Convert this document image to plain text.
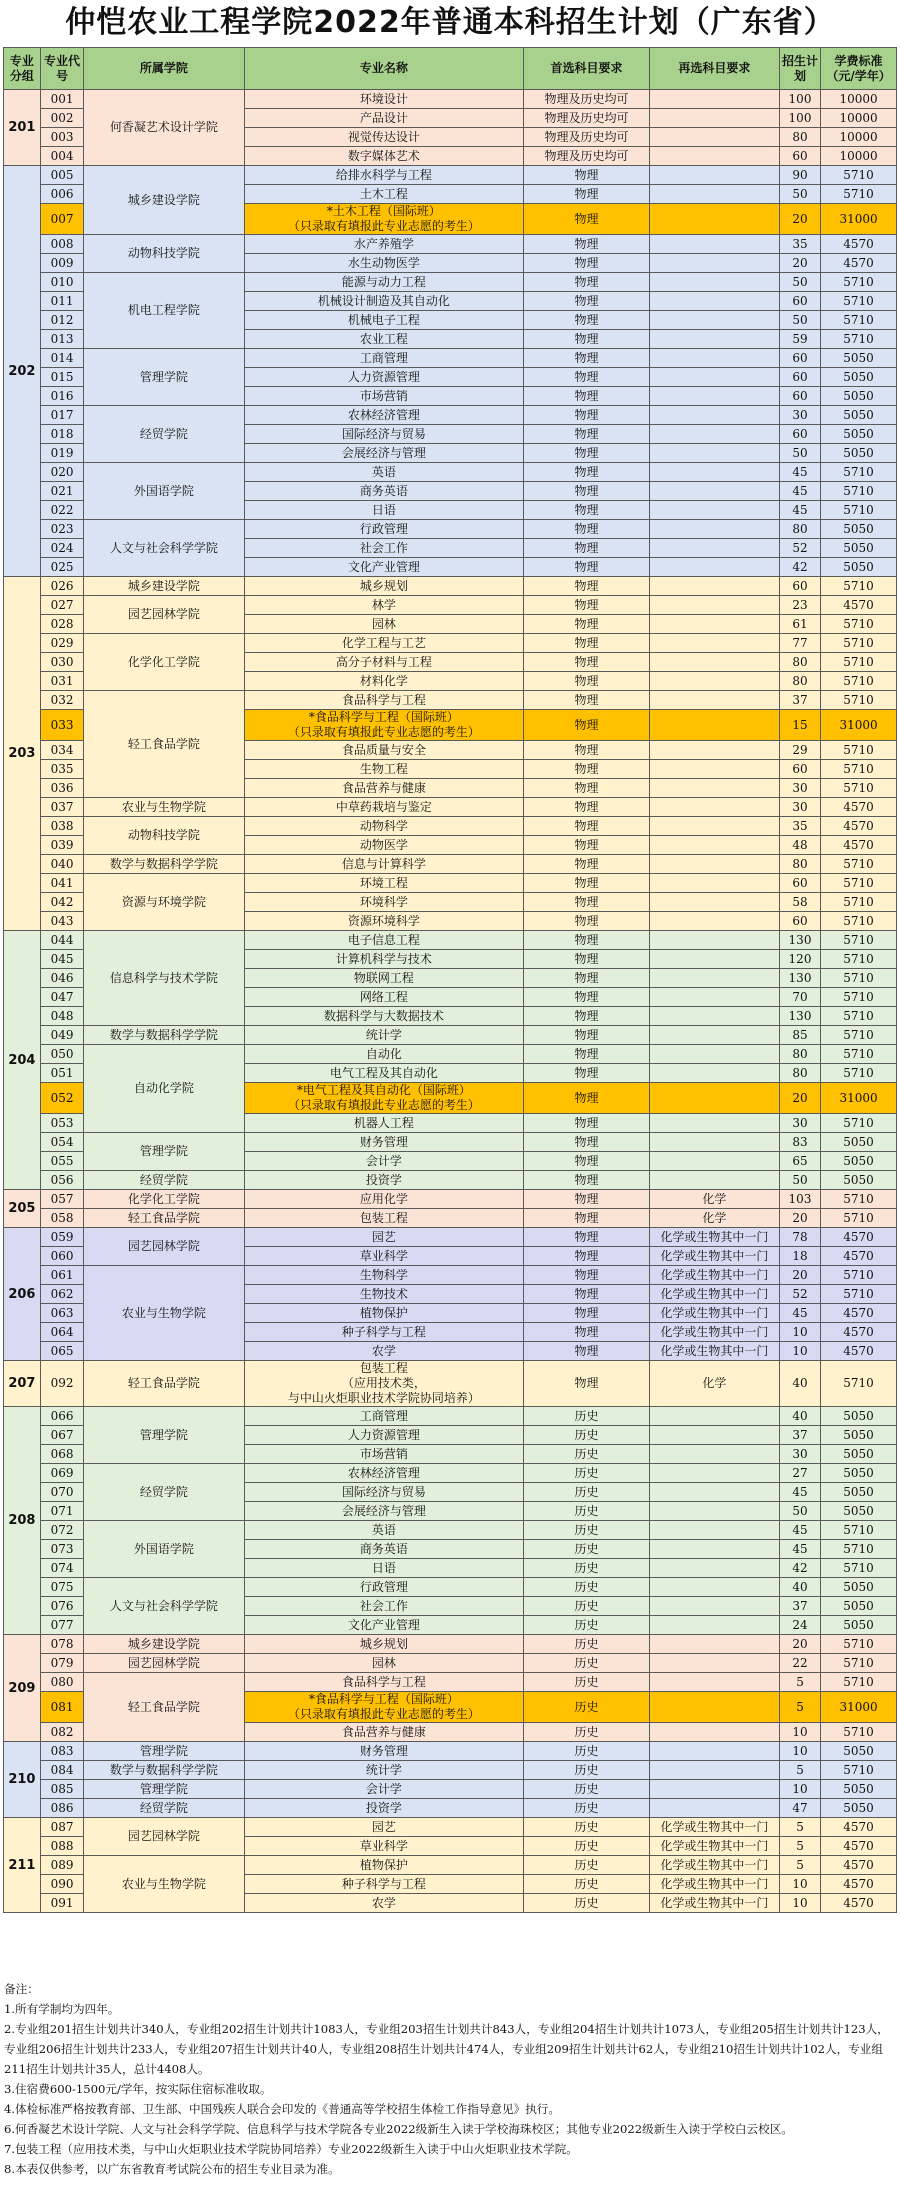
仲恺农业工程学院2022年普通本科招生计划（广东省）
专业分组	专业代号	所属学院	专业名称	首选科目要求	再选科目要求	招生计划	学费标准（元/学年）
201	001	何香凝艺术设计学院	环境设计	物理及历史均可		100	10000
	002		产品设计	物理及历史均可		100	10000
	003		视觉传达设计	物理及历史均可		80	10000
	004		数字媒体艺术	物理及历史均可		60	10000
202	005	城乡建设学院	给排水科学与工程	物理		90	5710
	006		土木工程	物理		50	5710
	007		*土木工程（国际班）
（只录取有填报此专业志愿的考生）	物理		20	31000
	008	动物科技学院	水产养殖学	物理		35	4570
	009		水生动物医学	物理		20	4570
	010	机电工程学院	能源与动力工程	物理		50	5710
	011		机械设计制造及其自动化	物理		60	5710
	012		机械电子工程	物理		50	5710
	013		农业工程	物理		59	5710
	014	管理学院	工商管理	物理		60	5050
	015		人力资源管理	物理		60	5050
	016		市场营销	物理		60	5050
	017	经贸学院	农林经济管理	物理		30	5050
	018		国际经济与贸易	物理		60	5050
	019		会展经济与管理	物理		50	5050
	020	外国语学院	英语	物理		45	5710
	021		商务英语	物理		45	5710
	022		日语	物理		45	5710
	023	人文与社会科学学院	行政管理	物理		80	5050
	024		社会工作	物理		52	5050
	025		文化产业管理	物理		42	5050
203	026	城乡建设学院	城乡规划	物理		60	5710
	027	园艺园林学院	林学	物理		23	4570
	028		园林	物理		61	5710
	029	化学化工学院	化学工程与工艺	物理		77	5710
	030		高分子材料与工程	物理		80	5710
	031		材料化学	物理		80	5710
	032	轻工食品学院	食品科学与工程	物理		37	5710
	033		*食品科学与工程（国际班）
（只录取有填报此专业志愿的考生）	物理		15	31000
	034		食品质量与安全	物理		29	5710
	035		生物工程	物理		60	5710
	036		食品营养与健康	物理		30	5710
	037	农业与生物学院	中草药栽培与鉴定	物理		30	4570
	038	动物科技学院	动物科学	物理		35	4570
	039		动物医学	物理		48	4570
	040	数学与数据科学学院	信息与计算科学	物理		80	5710
	041	资源与环境学院	环境工程	物理		60	5710
	042		环境科学	物理		58	5710
	043		资源环境科学	物理		60	5710
204	044	信息科学与技术学院	电子信息工程	物理		130	5710
	045		计算机科学与技术	物理		120	5710
	046		物联网工程	物理		130	5710
	047		网络工程	物理		70	5710
	048		数据科学与大数据技术	物理		130	5710
	049	数学与数据科学学院	统计学	物理		85	5710
	050	自动化学院	自动化	物理		80	5710
	051		电气工程及其自动化	物理		80	5710
	052		*电气工程及其自动化（国际班）
（只录取有填报此专业志愿的考生）	物理		20	31000
	053		机器人工程	物理		30	5710
	054	管理学院	财务管理	物理		83	5050
	055		会计学	物理		65	5050
	056	经贸学院	投资学	物理		50	5050
205	057	化学化工学院	应用化学	物理	化学	103	5710
	058	轻工食品学院	包装工程	物理	化学	20	5710
206	059	园艺园林学院	园艺	物理	化学或生物其中一门	78	4570
	060		草业科学	物理	化学或生物其中一门	18	4570
	061	农业与生物学院	生物科学	物理	化学或生物其中一门	20	5710
	062		生物技术	物理	化学或生物其中一门	52	5710
	063		植物保护	物理	化学或生物其中一门	45	4570
	064		种子科学与工程	物理	化学或生物其中一门	10	4570
	065		农学	物理	化学或生物其中一门	10	4570
207	092	轻工食品学院	包装工程
（应用技术类，
与中山火炬职业技术学院协同培养）	物理	化学	40	5710
208	066	管理学院	工商管理	历史		40	5050
	067		人力资源管理	历史		37	5050
	068		市场营销	历史		30	5050
	069	经贸学院	农林经济管理	历史		27	5050
	070		国际经济与贸易	历史		45	5050
	071		会展经济与管理	历史		50	5050
	072	外国语学院	英语	历史		45	5710
	073		商务英语	历史		45	5710
	074		日语	历史		42	5710
	075	人文与社会科学学院	行政管理	历史		40	5050
	076		社会工作	历史		37	5050
	077		文化产业管理	历史		24	5050
209	078	城乡建设学院	城乡规划	历史		20	5710
	079	园艺园林学院	园林	历史		22	5710
	080	轻工食品学院	食品科学与工程	历史		5	5710
	081		*食品科学与工程（国际班）
（只录取有填报此专业志愿的考生）	历史		5	31000
	082		食品营养与健康	历史		10	5710
210	083	管理学院	财务管理	历史		10	5050
	084	数学与数据科学学院	统计学	历史		5	5710
	085	管理学院	会计学	历史		10	5050
	086	经贸学院	投资学	历史		47	5050
211	087	园艺园林学院	园艺	历史	化学或生物其中一门	5	4570
	088		草业科学	历史	化学或生物其中一门	5	4570
	089	农业与生物学院	植物保护	历史	化学或生物其中一门	5	4570
	090		种子科学与工程	历史	化学或生物其中一门	10	4570
	091		农学	历史	化学或生物其中一门	10	4570
备注：
1.所有学制均为四年。
2.专业组201招生计划共计340人，专业组202招生计划共计1083人，专业组203招生计划共计843人，专业组204招生计划共计1073人，专业组205招生计划共计123人，专业组206招生计划共计233人，专业组207招生计划共计40人，专业组208招生计划共计474人，专业组209招生计划共计62人，专业组210招生计划共计102人，专业组211招生计划共计35人，总计4408人。
3.住宿费600-1500元/学年，按实际住宿标准收取。
4.体检标准严格按教育部、卫生部、中国残疾人联合会印发的《普通高等学校招生体检工作指导意见》执行。
6.何香凝艺术设计学院、人文与社会科学学院、信息科学与技术学院各专业2022级新生入读于学校海珠校区；其他专业2022级新生入读于学校白云校区。
7.包装工程（应用技术类，与中山火炬职业技术学院协同培养）专业2022级新生入读于中山火炬职业技术学院。
8.本表仅供参考，以广东省教育考试院公布的招生专业目录为准。
